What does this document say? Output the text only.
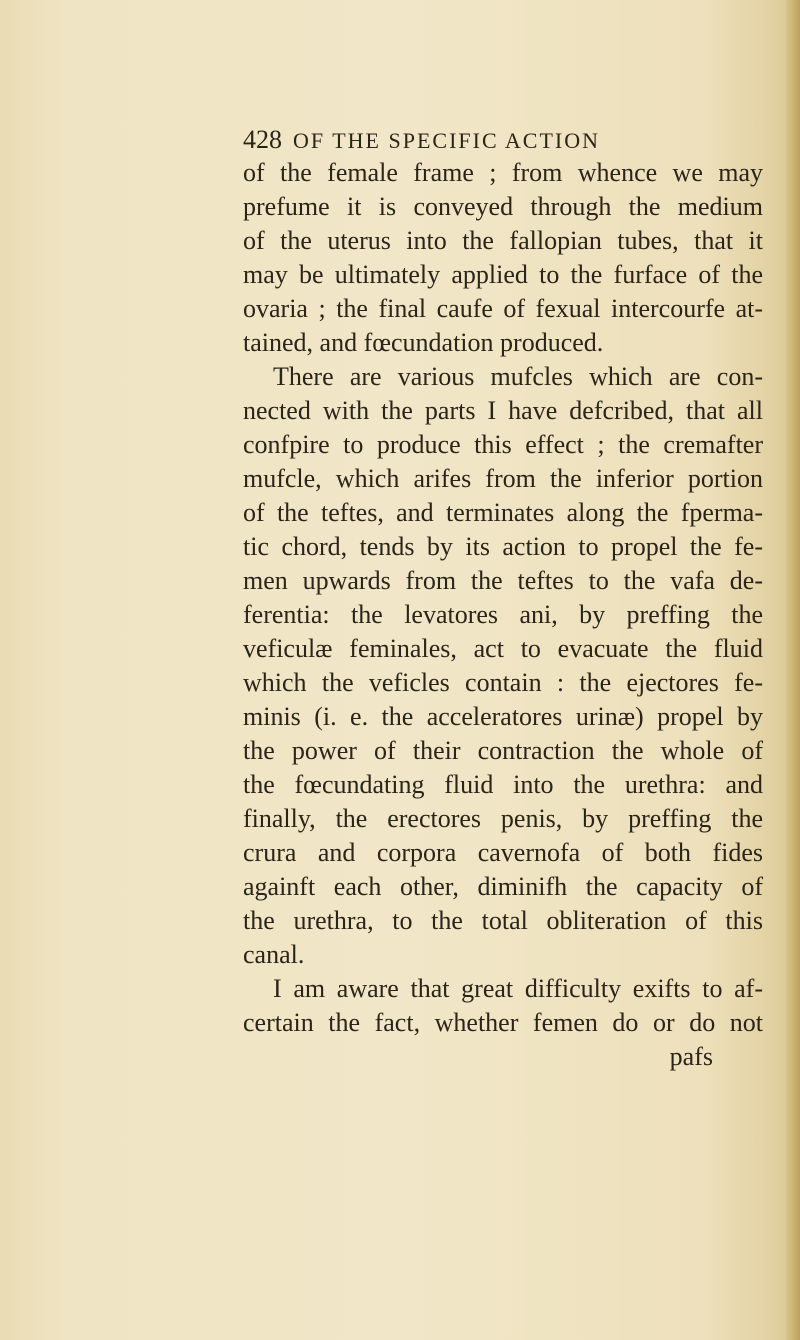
428 OF THE SPECIFIC ACTION
of the female frame ; from whence we may
prefume it is conveyed through the medium
of the uterus into the fallopian tubes, that it
may be ultimately applied to the furface of the
ovaria ; the final caufe of fexual intercourfe at-
tained, and fœcundation produced.
There are various mufcles which are con-
nected with the parts I have defcribed, that all
confpire to produce this effect ; the cremafter
mufcle, which arifes from the inferior portion
of the teftes, and terminates along the fperma-
tic chord, tends by its action to propel the fe-
men upwards from the teftes to the vafa de-
ferentia: the levatores ani, by preffing the
veficulæ feminales, act to evacuate the fluid
which the veficles contain : the ejectores fe-
minis (i. e. the acceleratores urinæ) propel by
the power of their contraction the whole of
the fœcundating fluid into the urethra: and
finally, the erectores penis, by preffing the
crura and corpora cavernofa of both fides
againft each other, diminifh the capacity of
the urethra, to the total obliteration of this
canal.
I am aware that great difficulty exifts to af-
certain the fact, whether femen do or do not
pafs
